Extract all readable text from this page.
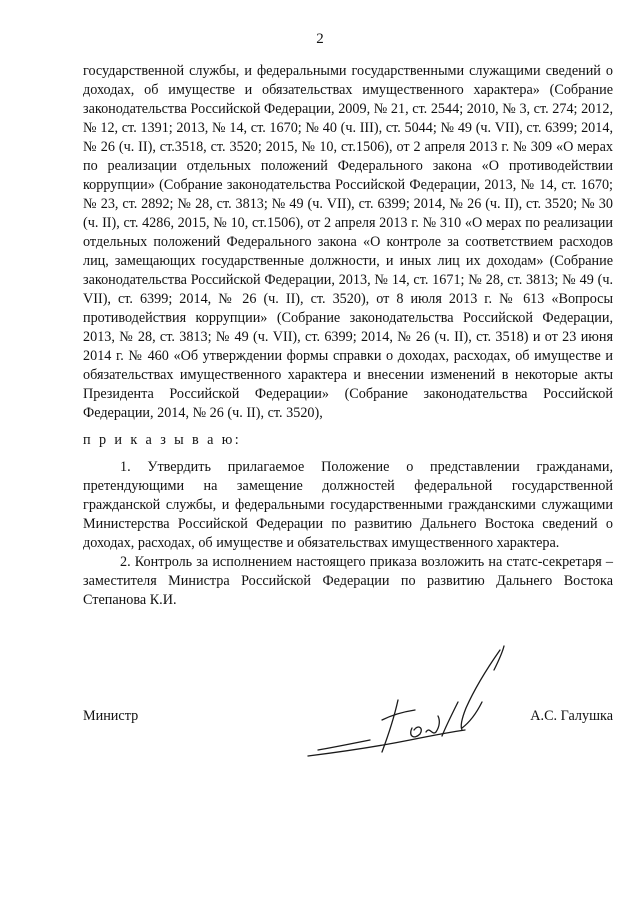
2

государственной службы, и федеральными государственными служащими сведений о доходах, об имуществе и обязательствах имущественного характера» (Собрание законодательства Российской Федерации, 2009, № 21, ст. 2544; 2010, № 3, ст. 274; 2012, № 12, ст. 1391; 2013, № 14, ст. 1670; № 40 (ч. III), ст. 5044; № 49 (ч. VII), ст. 6399; 2014, № 26 (ч. II), ст.3518, ст. 3520; 2015, № 10, ст.1506), от 2 апреля 2013 г. № 309 «О мерах по реализации отдельных положений Федерального закона «О противодействии коррупции» (Собрание законодательства Российской Федерации, 2013, № 14, ст. 1670; № 23, ст. 2892; № 28, ст. 3813; № 49 (ч. VII), ст. 6399; 2014, № 26 (ч. II), ст. 3520; № 30 (ч. II), ст. 4286, 2015, № 10, ст.1506), от 2 апреля 2013 г. № 310 «О мерах по реализации отдельных положений Федерального закона «О контроле за соответствием расходов лиц, замещающих государственные должности, и иных лиц их доходам» (Собрание законодательства Российской Федерации, 2013, № 14, ст. 1671; № 28, ст. 3813; № 49 (ч. VII), ст. 6399; 2014, № 26 (ч. II), ст. 3520), от 8 июля 2013 г. № 613 «Вопросы противодействия коррупции» (Собрание законодательства Российской Федерации, 2013, № 28, ст. 3813; № 49 (ч. VII), ст. 6399; 2014, № 26 (ч. II), ст. 3518) и от 23 июня 2014 г. № 460 «Об утверждении формы справки о доходах, расходах, об имуществе и обязательствах имущественного характера и внесении изменений в некоторые акты Президента Российской Федерации» (Собрание законодательства Российской Федерации, 2014, № 26 (ч. II), ст. 3520),

п р и к а з ы в а ю:

1. Утвердить прилагаемое Положение о представлении гражданами, претендующими на замещение должностей федеральной государственной гражданской службы, и федеральными государственными гражданскими служащими Министерства Российской Федерации по развитию Дальнего Востока сведений о доходах, расходах, об имуществе и обязательствах имущественного характера.

2. Контроль за исполнением настоящего приказа возложить на статс-секретаря – заместителя Министра Российской Федерации по развитию Дальнего Востока Степанова К.И.

Министр	А.С. Галушка
